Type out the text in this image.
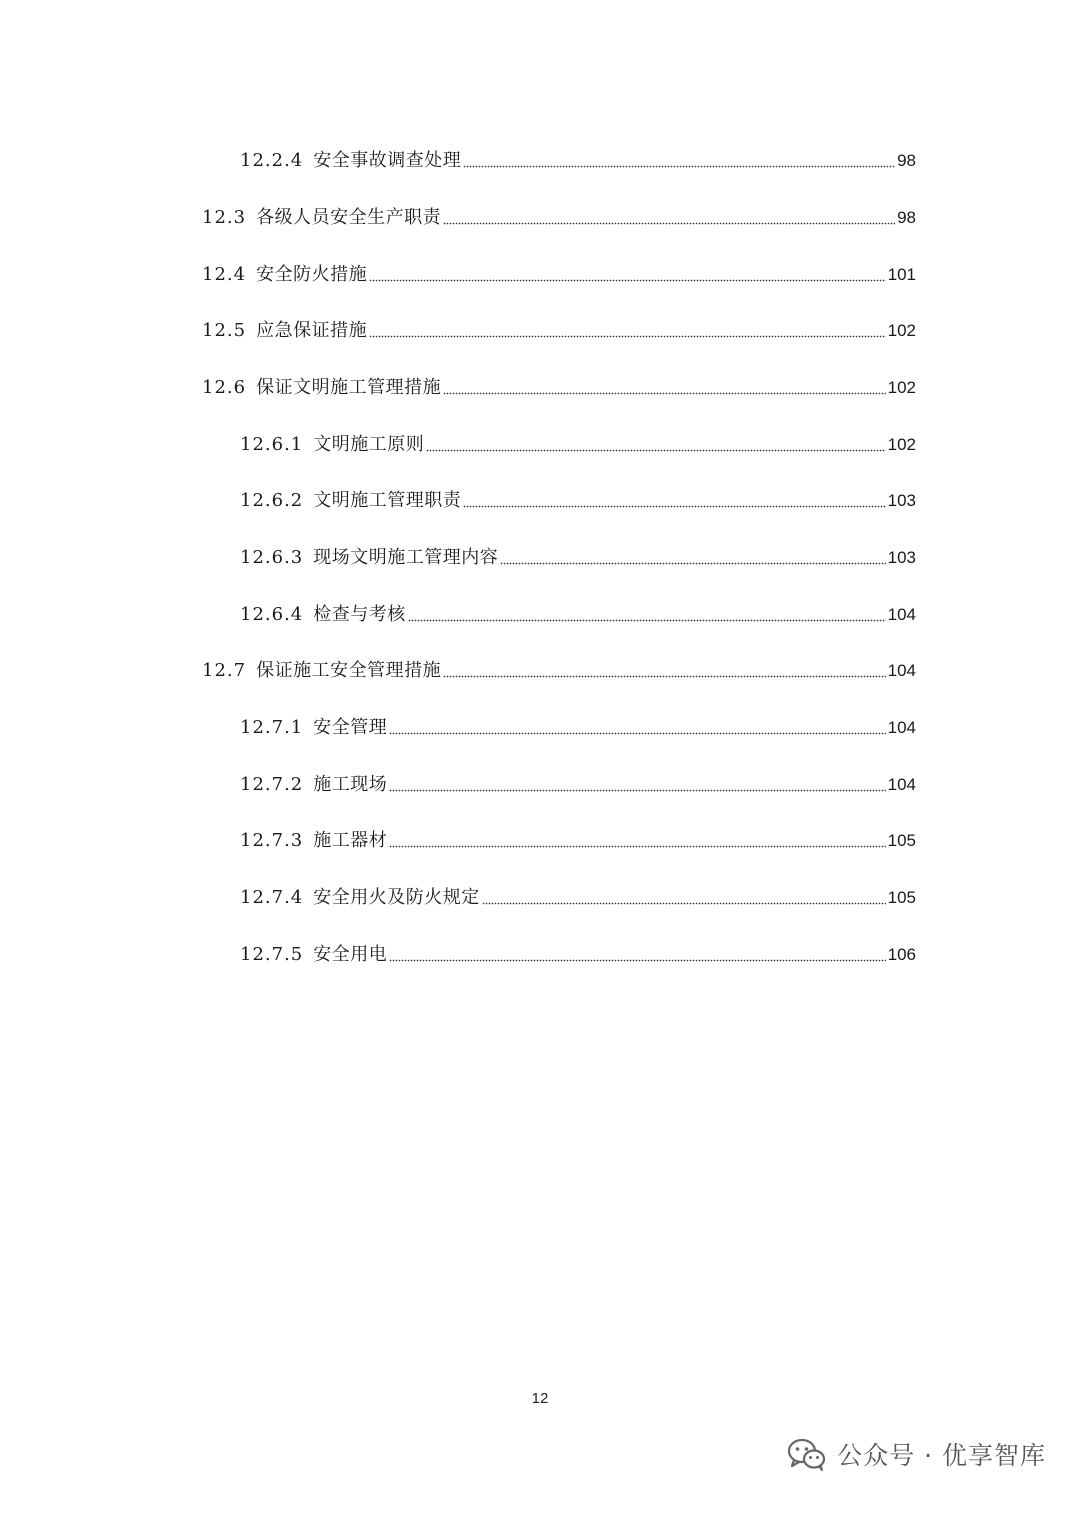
12.2.4 安全事故调查处理	98
12.3 各级人员安全生产职责	98
12.4 安全防火措施	101
12.5 应急保证措施	102
12.6 保证文明施工管理措施	102
12.6.1 文明施工原则	102
12.6.2 文明施工管理职责	103
12.6.3 现场文明施工管理内容	103
12.6.4 检查与考核	104
12.7 保证施工安全管理措施	104
12.7.1 安全管理	104
12.7.2 施工现场	104
12.7.3 施工器材	105
12.7.4 安全用火及防火规定	105
12.7.5 安全用电	106
12
公众号 · 优享智库
